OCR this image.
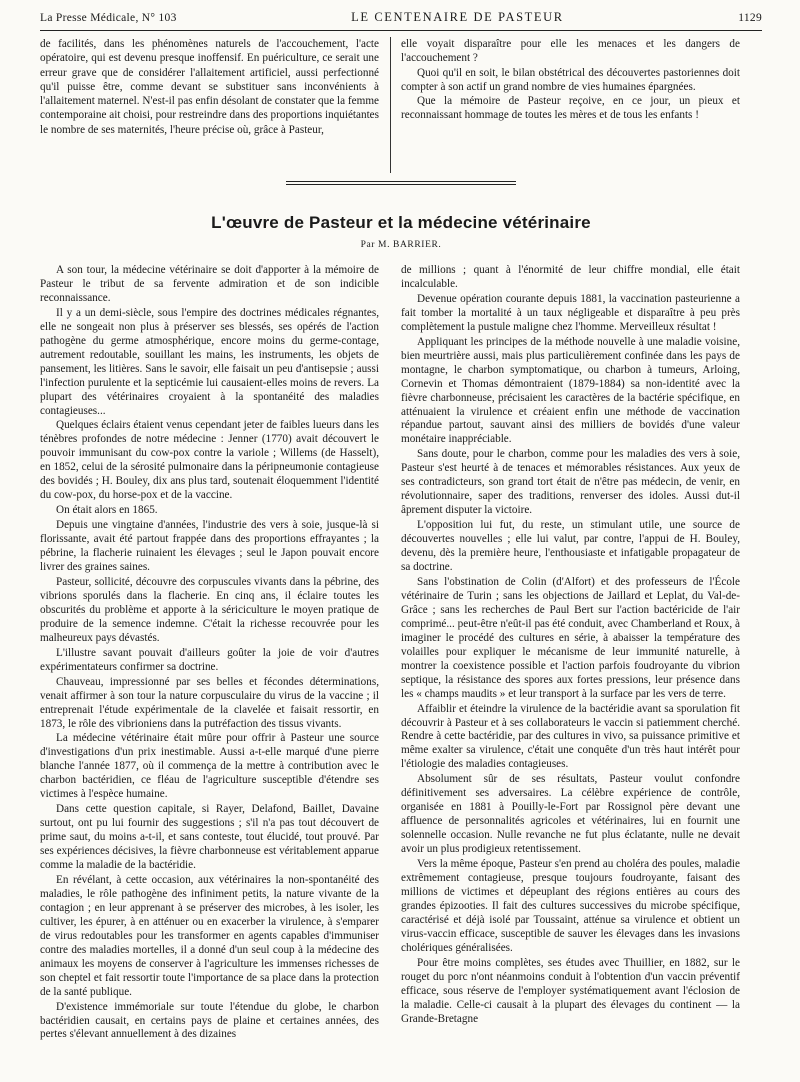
La Presse Médicale, N° 103	LE CENTENAIRE DE PASTEUR	1129

de facilités, dans les phénomènes naturels de l'accouchement, l'acte opératoire, qui est devenu presque inoffensif. En puériculture, ce serait une erreur grave que de considérer l'allaitement artificiel, aussi perfectionné qu'il puisse être, comme devant se substituer sans inconvénients à l'allaitement maternel. N'est-il pas enfin désolant de constater que la femme contemporaine ait choisi, pour restreindre dans des proportions inquiétantes le nombre de ses maternités, l'heure précise où, grâce à Pasteur,

elle voyait disparaître pour elle les menaces et les dangers de l'accouchement ?

Quoi qu'il en soit, le bilan obstétrical des découvertes pastoriennes doit compter à son actif un grand nombre de vies humaines épargnées.

Que la mémoire de Pasteur reçoive, en ce jour, un pieux et reconnaissant hommage de toutes les mères et de tous les enfants !

L'œuvre de Pasteur et la médecine vétérinaire
Par M. BARRIER.

A son tour, la médecine vétérinaire se doit d'apporter à la mémoire de Pasteur le tribut de sa fervente admiration et de son indicible reconnaissance.

Il y a un demi-siècle, sous l'empire des doctrines médicales régnantes, elle ne songeait non plus à préserver ses blessés, ses opérés de l'action pathogène du germe atmosphérique, encore moins du germe-contage, autrement redoutable, souillant les mains, les instruments, les objets de pansement, les litières. Sans le savoir, elle faisait un peu d'antisepsie ; aussi l'infection purulente et la septicémie lui causaient-elles moins de revers. La plupart des vétérinaires croyaient à la spontanéité des maladies contagieuses...

Quelques éclairs étaient venus cependant jeter de faibles lueurs dans les ténèbres profondes de notre médecine : Jenner (1770) avait découvert le pouvoir immunisant du cow-pox contre la variole ; Willems (de Hasselt), en 1852, celui de la sérosité pulmonaire dans la péripneumonie contagieuse des bovidés ; H. Bouley, dix ans plus tard, soutenait éloquemment l'identité du cow-pox, du horse-pox et de la vaccine.

On était alors en 1865.

Depuis une vingtaine d'années, l'industrie des vers à soie, jusque-là si florissante, avait été partout frappée dans des proportions effrayantes ; la pébrine, la flacherie ruinaient les élevages ; seul le Japon pouvait encore livrer des graines saines.

Pasteur, sollicité, découvre des corpuscules vivants dans la pébrine, des vibrions sporulés dans la flacherie. En cinq ans, il éclaire toutes les obscurités du problème et apporte à la sériciculture le moyen pratique de produire de la semence indemne. C'était la richesse recouvrée pour les malheureux pays dévastés.

L'illustre savant pouvait d'ailleurs goûter la joie de voir d'autres expérimentateurs confirmer sa doctrine.

Chauveau, impressionné par ses belles et fécondes déterminations, venait affirmer à son tour la nature corpusculaire du virus de la vaccine ; il entreprenait l'étude expérimentale de la clavelée et faisait ressortir, en 1873, le rôle des vibrioniens dans la putréfaction des tissus vivants.

La médecine vétérinaire était mûre pour offrir à Pasteur une source d'investigations d'un prix inestimable. Aussi a-t-elle marqué d'une pierre blanche l'année 1877, où il commença de la mettre à contribution avec le charbon bactéridien, ce fléau de l'agriculture susceptible d'étendre ses victimes à l'espèce humaine.

Dans cette question capitale, si Rayer, Delafond, Baillet, Davaine surtout, ont pu lui fournir des suggestions ; s'il n'a pas tout découvert de prime saut, du moins a-t-il, et sans conteste, tout élucidé, tout prouvé. Par ses expériences décisives, la fièvre charbonneuse est véritablement apparue comme la maladie de la bactéridie.

En révélant, à cette occasion, aux vétérinaires la non-spontanéité des maladies, le rôle pathogène des infiniment petits, la nature vivante de la contagion ; en leur apprenant à se préserver des microbes, à les isoler, les cultiver, les épurer, à en atténuer ou en exacerber la virulence, à s'emparer de virus redoutables pour les transformer en agents capables d'immuniser contre des maladies mortelles, il a donné d'un seul coup à la médecine des animaux les moyens de conserver à l'agriculture les immenses richesses de son cheptel et fait ressortir toute l'importance de sa place dans la protection de la santé publique.

D'existence immémoriale sur toute l'étendue du globe, le charbon bactéridien causait, en certains pays de plaine et certaines années, des pertes s'élevant annuellement à des dizaines

de millions ; quant à l'énormité de leur chiffre mondial, elle était incalculable.

Devenue opération courante depuis 1881, la vaccination pasteurienne a fait tomber la mortalité à un taux négligeable et disparaître à peu près complètement la pustule maligne chez l'homme. Merveilleux résultat !

Appliquant les principes de la méthode nouvelle à une maladie voisine, bien meurtrière aussi, mais plus particulièrement confinée dans les pays de montagne, le charbon symptomatique, ou charbon à tumeurs, Arloing, Cornevin et Thomas démontraient (1879-1884) sa non-identité avec la fièvre charbonneuse, précisaient les caractères de la bactérie spécifique, en atténuaient la virulence et créaient enfin une méthode de vaccination répandue partout, sauvant ainsi des milliers de bovidés d'une valeur monétaire inappréciable.

Sans doute, pour le charbon, comme pour les maladies des vers à soie, Pasteur s'est heurté à de tenaces et mémorables résistances. Aux yeux de ses contradicteurs, son grand tort était de n'être pas médecin, de venir, en révolutionnaire, saper des traditions, renverser des idoles. Aussi dut-il âprement disputer la victoire.

L'opposition lui fut, du reste, un stimulant utile, une source de découvertes nouvelles ; elle lui valut, par contre, l'appui de H. Bouley, devenu, dès la première heure, l'enthousiaste et infatigable propagateur de sa doctrine.

Sans l'obstination de Colin (d'Alfort) et des professeurs de l'École vétérinaire de Turin ; sans les objections de Jaillard et Leplat, du Val-de-Grâce ; sans les recherches de Paul Bert sur l'action bactéricide de l'air comprimé... peut-être n'eût-il pas été conduit, avec Chamberland et Roux, à imaginer le procédé des cultures en série, à abaisser la température des volailles pour expliquer le mécanisme de leur immunité naturelle, à montrer la coexistence possible et l'action parfois foudroyante du vibrion septique, la résistance des spores aux fortes pressions, leur présence dans les « champs maudits » et leur transport à la surface par les vers de terre.

Affaiblir et éteindre la virulence de la bactéridie avant sa sporulation fit découvrir à Pasteur et à ses collaborateurs le vaccin si patiemment cherché. Rendre à cette bactéridie, par des cultures in vivo, sa puissance primitive et même exalter sa virulence, c'était une conquête d'un très haut intérêt pour l'étiologie des maladies contagieuses.

Absolument sûr de ses résultats, Pasteur voulut confondre définitivement ses adversaires. La célèbre expérience de contrôle, organisée en 1881 à Pouilly-le-Fort par Rossignol père devant une affluence de personnalités agricoles et vétérinaires, lui en fournit une solennelle occasion. Nulle revanche ne fut plus éclatante, nulle ne devait avoir un plus prodigieux retentissement.

Vers la même époque, Pasteur s'en prend au choléra des poules, maladie extrêmement contagieuse, presque toujours foudroyante, faisant des millions de victimes et dépeuplant des régions entières au cours des grandes épizooties. Il fait des cultures successives du microbe spécifique, caractérisé et déjà isolé par Toussaint, atténue sa virulence et obtient un virus-vaccin efficace, susceptible de sauver les élevages dans les invasions cholériques généralisées.

Pour être moins complètes, ses études avec Thuillier, en 1882, sur le rouget du porc n'ont néanmoins conduit à l'obtention d'un vaccin préventif efficace, sous réserve de l'employer systématiquement avant l'éclosion de la maladie. Celle-ci causait à la plupart des élevages du continent — la Grande-Bretagne
